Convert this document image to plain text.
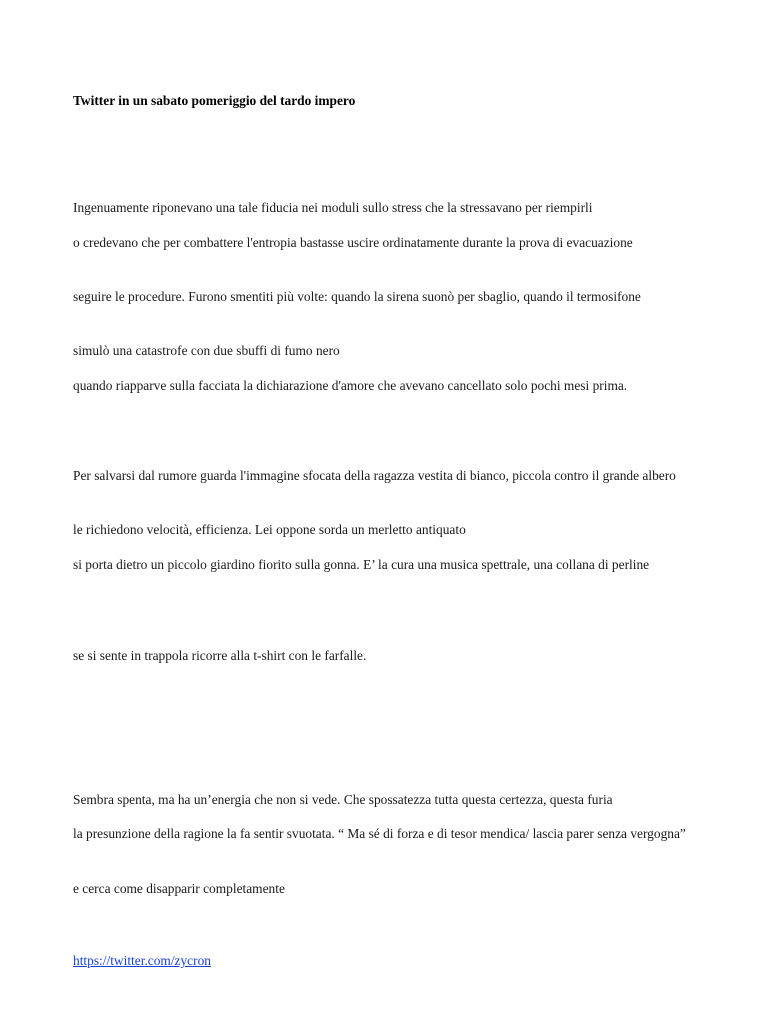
Twitter in un sabato pomeriggio del tardo impero

Ingenuamente riponevano una tale fiducia nei moduli sullo stress che la stressavano per riempirli

o credevano che per combattere l'entropia bastasse uscire ordinatamente durante la prova di evacuazione

seguire le procedure. Furono smentiti più volte: quando la sirena suonò per sbaglio, quando il termosifone

simulò una catastrofe con due sbuffi di fumo nero

quando riapparve sulla facciata la dichiarazione d'amore che avevano cancellato solo pochi mesi prima.

Per salvarsi dal rumore guarda l'immagine sfocata della ragazza vestita di bianco, piccola contro il grande albero

le richiedono velocità, efficienza. Lei oppone sorda un merletto antiquato

si porta dietro un piccolo giardino fiorito sulla gonna. E’ la cura una musica spettrale, una collana di perline

se si sente in trappola ricorre alla t-shirt con le farfalle.

Sembra spenta, ma ha un’energia che non si vede. Che spossatezza tutta questa certezza, questa furia

la presunzione della ragione la fa sentir svuotata. “ Ma sé di forza e di tesor mendica/ lascia parer senza vergogna”

e cerca come disapparir completamente

https://twitter.com/zycron
